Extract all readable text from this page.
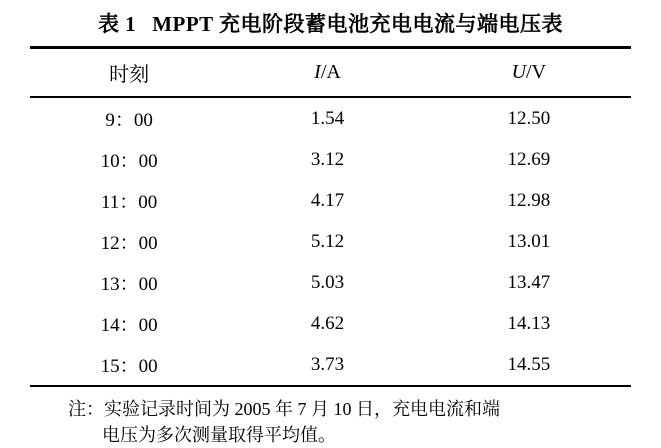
表 1 MPPT 充电阶段蓄电池充电电流与端电压表
时刻	I/A	U/V
9：00	1.54	12.50
10：00	3.12	12.69
11：00	4.17	12.98
12：00	5.12	13.01
13：00	5.03	13.47
14：00	4.62	14.13
15：00	3.73	14.55
注：实验记录时间为 2005 年 7 月 10 日，充电电流和端
电压为多次测量取得平均值。
